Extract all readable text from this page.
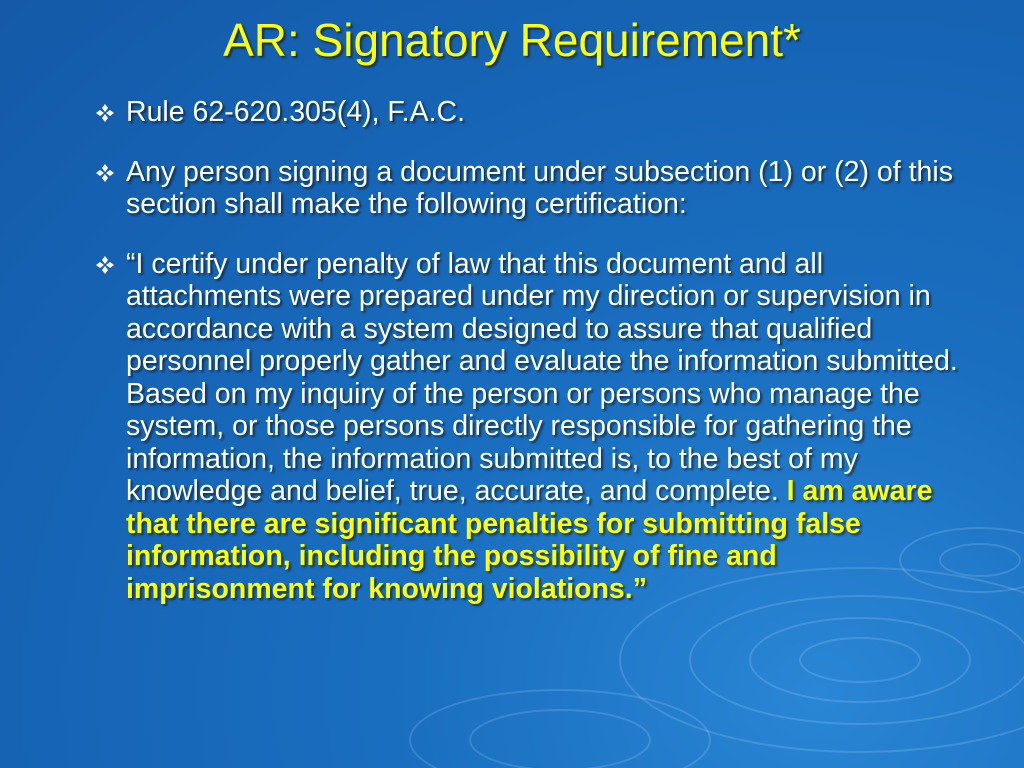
AR: Signatory Requirement*
Rule 62-620.305(4), F.A.C.
Any person signing a document under subsection (1) or (2) of this section shall make the following certification:
“I certify under penalty of law that this document and all attachments were prepared under my direction or supervision in accordance with a system designed to assure that qualified personnel properly gather and evaluate the information submitted. Based on my inquiry of the person or persons who manage the system, or those persons directly responsible for gathering the information, the information submitted is, to the best of my knowledge and belief, true, accurate, and complete. I am aware that there are significant penalties for submitting false information, including the possibility of fine and imprisonment for knowing violations.”
